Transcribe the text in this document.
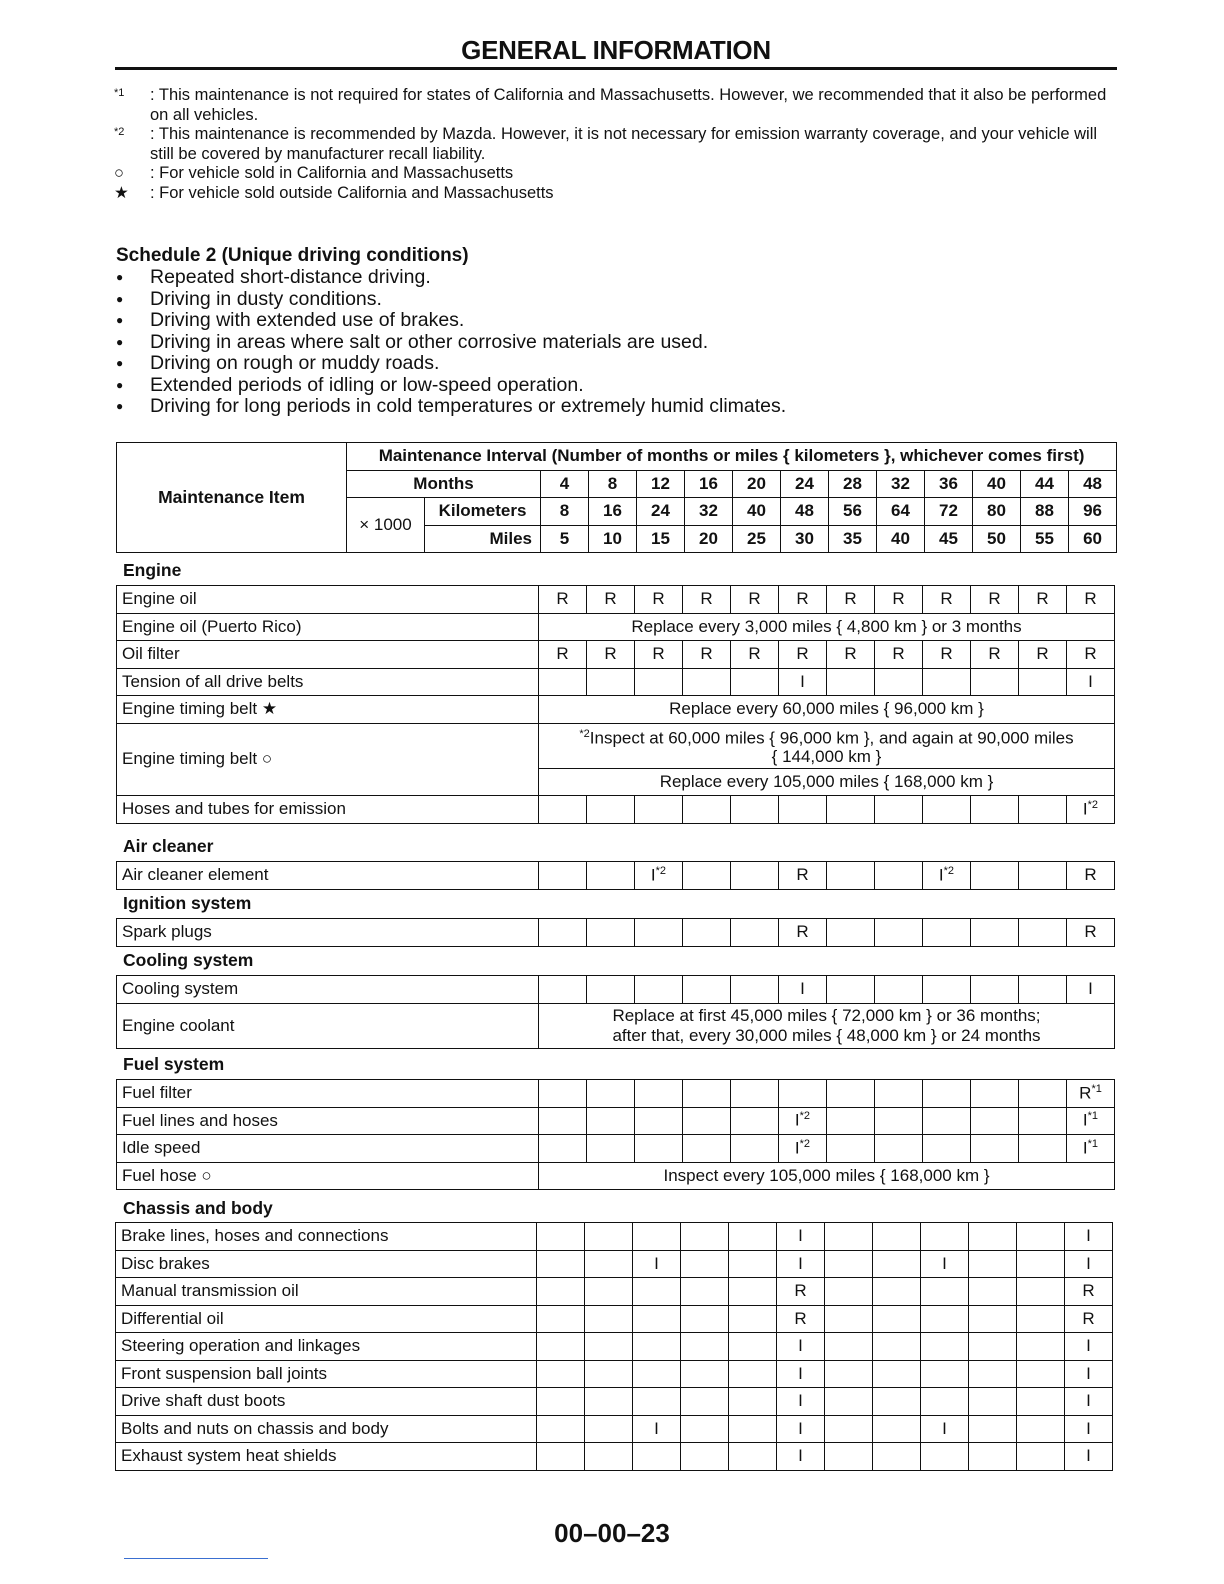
GENERAL INFORMATION
$^{*1}$ : This maintenance is not required for states of California and Massachusetts. However, we recommended that it also be performed on all vehicles.
$^{*2}$ : This maintenance is recommended by Mazda. However, it is not necessary for emission warranty coverage, and your vehicle will still be covered by manufacturer recall liability.
○ : For vehicle sold in California and Massachusetts
★ : For vehicle sold outside California and Massachusetts
Schedule 2 (Unique driving conditions)
● Repeated short-distance driving.
● Driving in dusty conditions.
● Driving with extended use of brakes.
● Driving in areas where salt or other corrosive materials are used.
● Driving on rough or muddy roads.
● Extended periods of idling or low-speed operation.
● Driving for long periods in cold temperatures or extremely humid climates.
Maintenance Item	Maintenance Interval (Number of months or miles { kilometers }, whichever comes first)													
	Months		4	8	12	16	20	24	28	32	36	40	44	48
	× 1000	Kilometers	8	16	24	32	40	48	56	64	72	80	88	96
		Miles	5	10	15	20	25	30	35	40	45	50	55	60
Engine
Engine oil	R	R	R	R	R	R	R	R	R	R	R	R
Engine oil (Puerto Rico)	Replace every 3,000 miles { 4,800 km } or 3 months											
Oil filter	R	R	R	R	R	R	R	R	R	R	R	R
Tension of all drive belts						I						I
Engine timing belt ★	Replace every 60,000 miles { 96,000 km }											
Engine timing belt ○	$^{*2}$Inspect at 60,000 miles { 96,000 km }, and again at 90,000 miles
{ 144,000 km }											
	Replace every 105,000 miles { 168,000 km }											
Hoses and tubes for emission												$I^{*2}$
Air cleaner
Air cleaner element			$I^{*2}$			R			$I^{*2}$			R
Ignition system
Spark plugs						R						R
Cooling system
Cooling system						I						I
Engine coolant	Replace at first 45,000 miles { 72,000 km } or 36 months;
after that, every 30,000 miles { 48,000 km } or 24 months											
Fuel system
Fuel filter												$R^{*1}$
Fuel lines and hoses						$I^{*2}$						$I^{*1}$
Idle speed						$I^{*2}$						$I^{*1}$
Fuel hose ○	Inspect every 105,000 miles { 168,000 km }											
Chassis and body
Brake lines, hoses and connections						I						I
Disc brakes			I			I			I			I
Manual transmission oil						R						R
Differential oil						R						R
Steering operation and linkages						I						I
Front suspension ball joints						I						I
Drive shaft dust boots						I						I
Bolts and nuts on chassis and body			I			I			I			I
Exhaust system heat shields						I						I
00–00–23
